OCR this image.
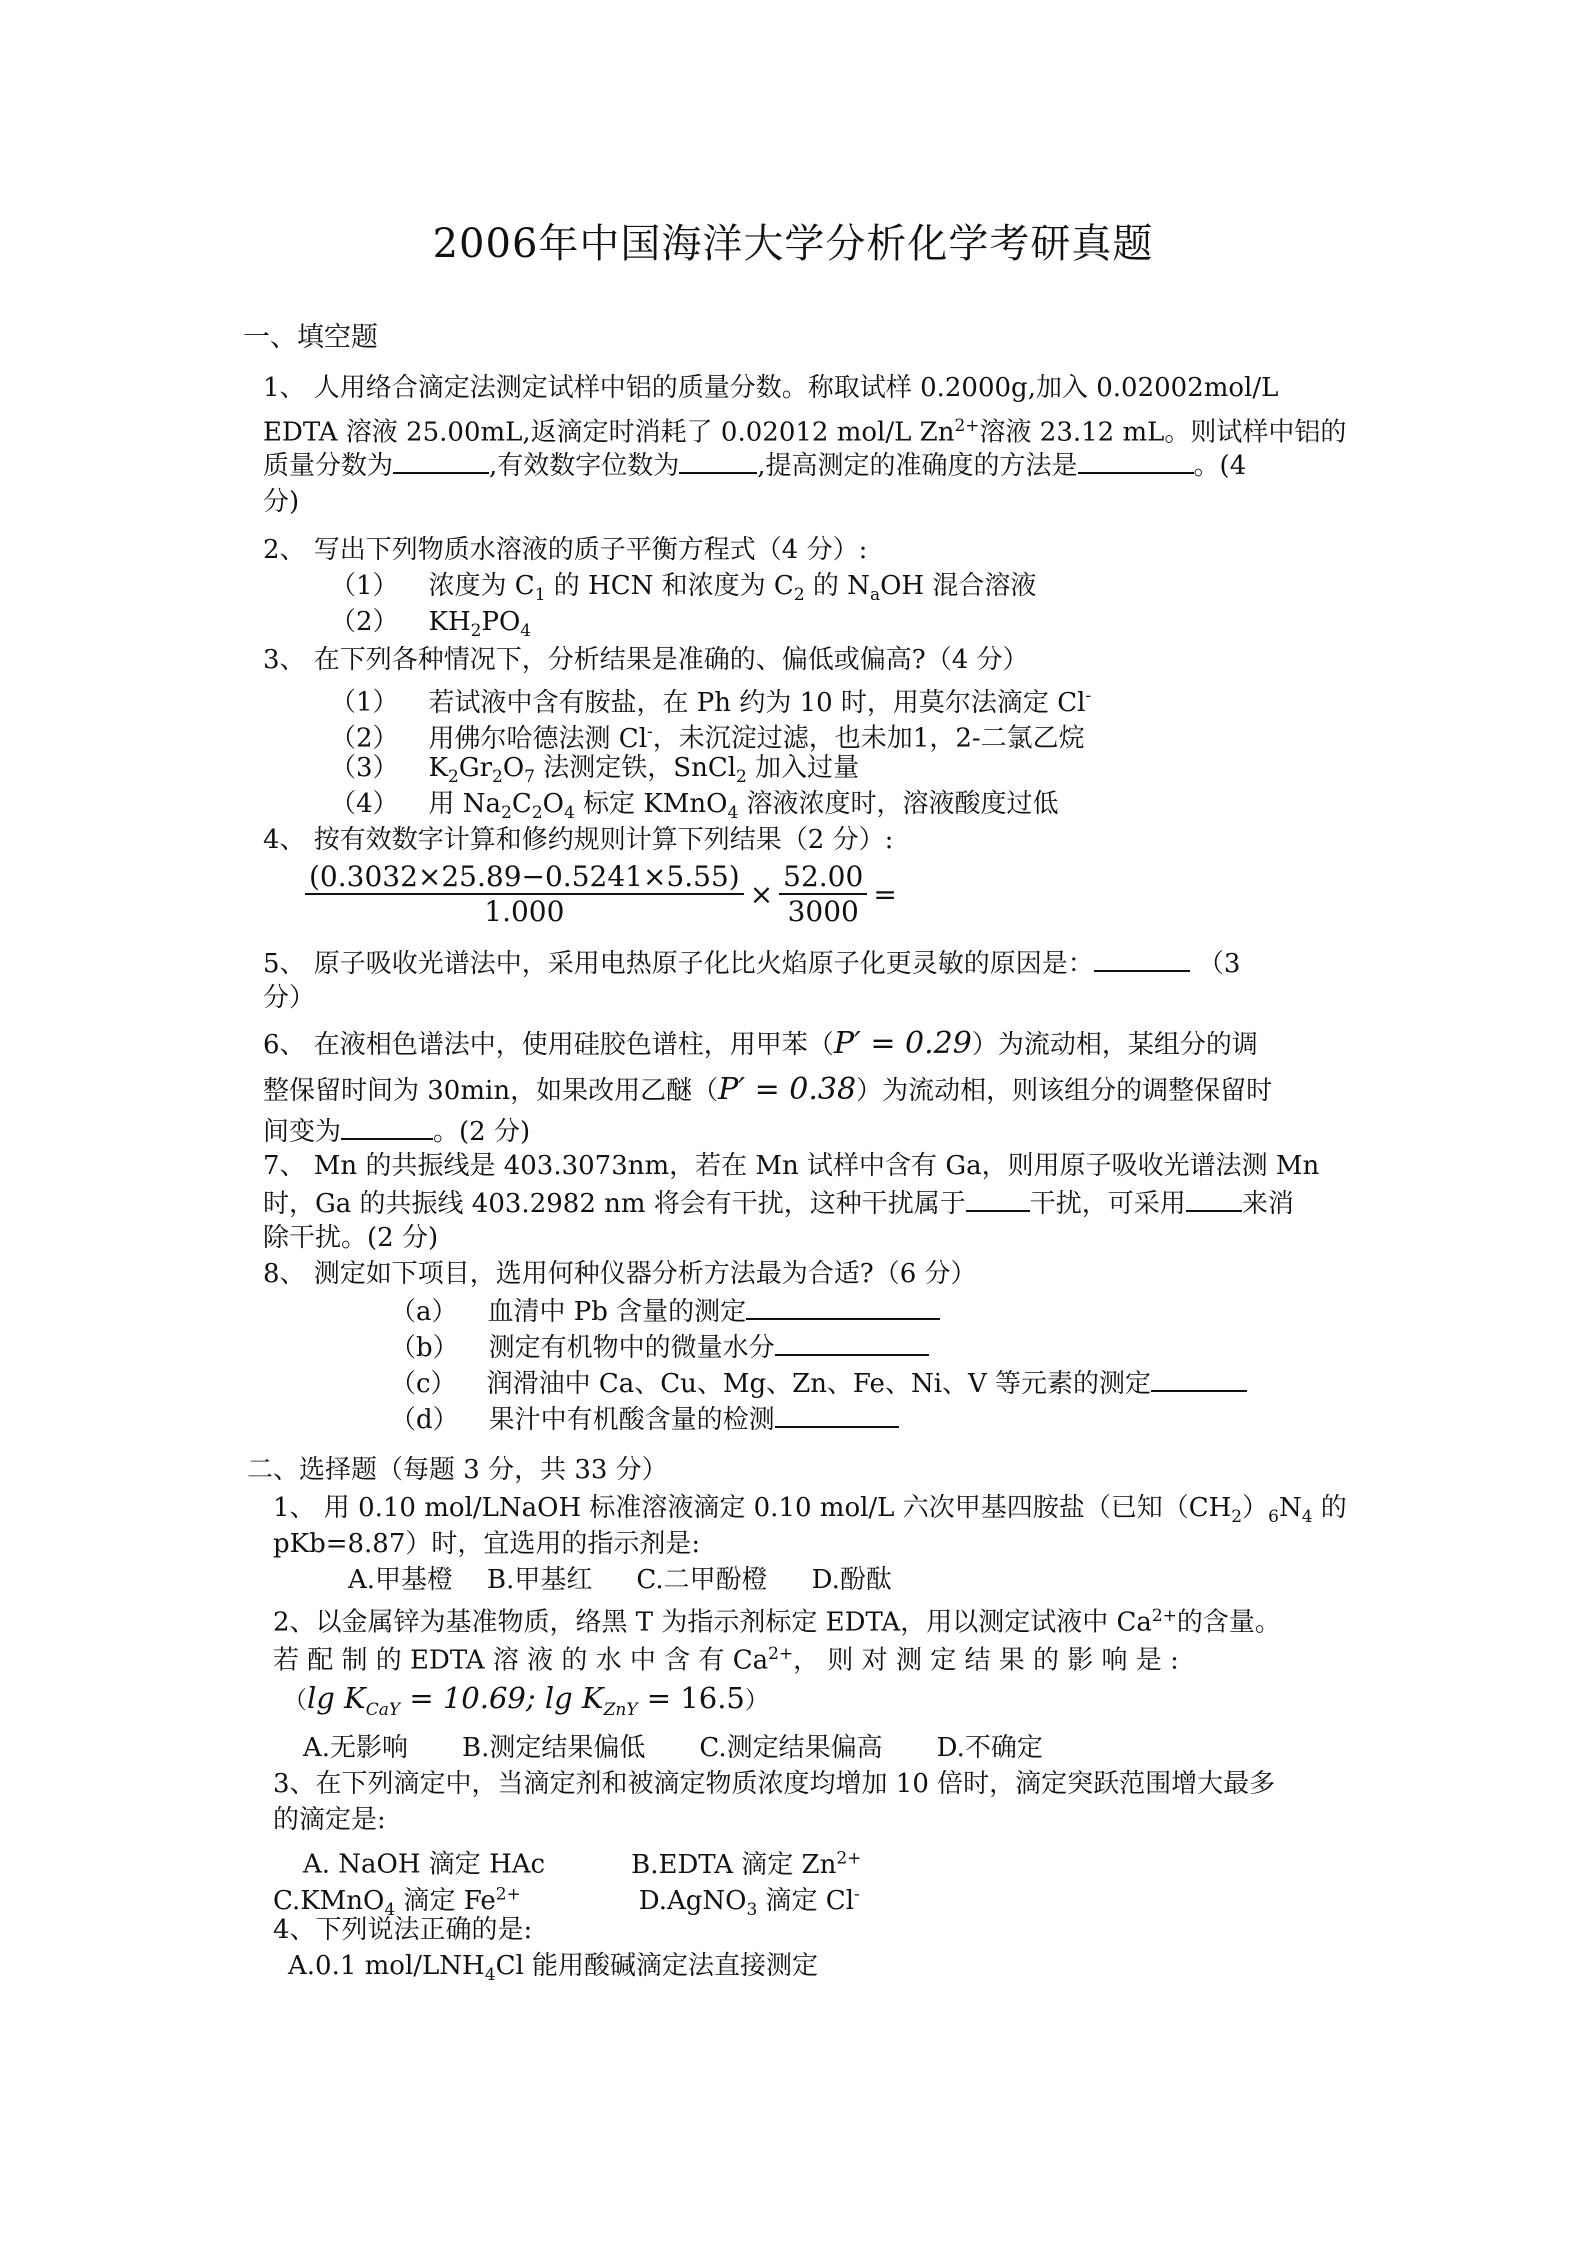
2006年中国海洋大学分析化学考研真题
一、填空题
1、 人用络合滴定法测定试样中铝的质量分数。称取试样 0.2000g,加入 0.02002mol/L
EDTA 溶液 25.00mL,返滴定时消耗了 0.02012 mol/L $Zn^{2+}$溶液 23.12 mL。则试样中铝的
质量分数为	,有效数字位数为	,提高测定的准确度的方法是	。(4
分)
2、 写出下列物质水溶液的质子平衡方程式（4 分）:
（1） 浓度为 $C_1$ 的 HCN 和浓度为 $C_2$ 的 $N_aOH$ 混合溶液
（2） $KH_2PO_4$
3、 在下列各种情况下，分析结果是准确的、偏低或偏高?（4 分）
（1） 若试液中含有胺盐，在 Ph 约为 10 时，用莫尔法滴定 Cl-
（2） 用佛尔哈德法测 Cl-，未沉淀过滤，也未加1，2-二氯乙烷
（3） $K_2Gr_2O_7$ 法测定铁，SnCl$_2$ 加入过量
（4） 用 $Na_2C_2O_4$ 标定 KMnO$_4$ 溶液浓度时，溶液酸度过低
4、 按有效数字计算和修约规则计算下列结果（2 分）:
$\frac{(0.3032\times 25.89-0.5241\times 5.55)}{1.000} \times \frac{52.00}{3000}$ =
5、 原子吸收光谱法中，采用电热原子化比火焰原子化更灵敏的原因是：	（3
分）
6、 在液相色谱法中，使用硅胶色谱柱，用甲苯（P′ = 0.29）为流动相，某组分的调
整保留时间为 30min，如果改用乙醚（P′ = 0.38）为流动相，则该组分的调整保留时
间变为	。(2 分)
7、 Mn 的共振线是 403.3073nm，若在 Mn 试样中含有 Ga，则用原子吸收光谱法测 Mn
时，Ga 的共振线 403.2982 nm 将会有干扰，这种干扰属于 干扰，可采用 来消
除干扰。(2 分)
8、 测定如下项目，选用何种仪器分析方法最为合适?（6 分）
（a） 血清中 Pb 含量的测定
（b） 测定有机物中的微量水分
（c） 润滑油中 Ca、Cu、Mg、Zn、Fe、Ni、V 等元素的测定
（d） 果汁中有机酸含量的检测
二、选择题（每题 3 分，共 33 分）
1、 用 0.10 mol/LNaOH 标准溶液滴定 0.10 mol/L 六次甲基四胺盐（已知$(CH_2)_6N_4$ 的
pKb=8.87）时，宜选用的指示剂是:
A.甲基橙 B.甲基红 C.二甲酚橙 D.酚酞
2、以金属锌为基准物质，络黑 T 为指示剂标定 EDTA，用以测定试液中 $Ca^{2+}$的含量。
若 配 制 的 EDTA 溶 液 的 水 中 含 有 $Ca^{2+}$， 则 对 测 定 结 果 的 影 响 是 :
（lg $K_{CaY} = 10.69$; $\lg K_{ZnY} = 16.5$）
A.无影响 B.测定结果偏低 C.测定结果偏高 D.不确定
3、在下列滴定中，当滴定剂和被滴定物质浓度均增加 10 倍时，滴定突跃范围增大最多
的滴定是:
A. NaOH 滴定 HAc	B.EDTA 滴定 $Zn^{2+}$
C.KMnO$_4$ 滴定 $Fe^{2+}$	D.AgNO$_3$ 滴定 Cl-
4、下列说法正确的是:
A.0.1 mol/$LNH_4Cl$ 能用酸碱滴定法直接测定
